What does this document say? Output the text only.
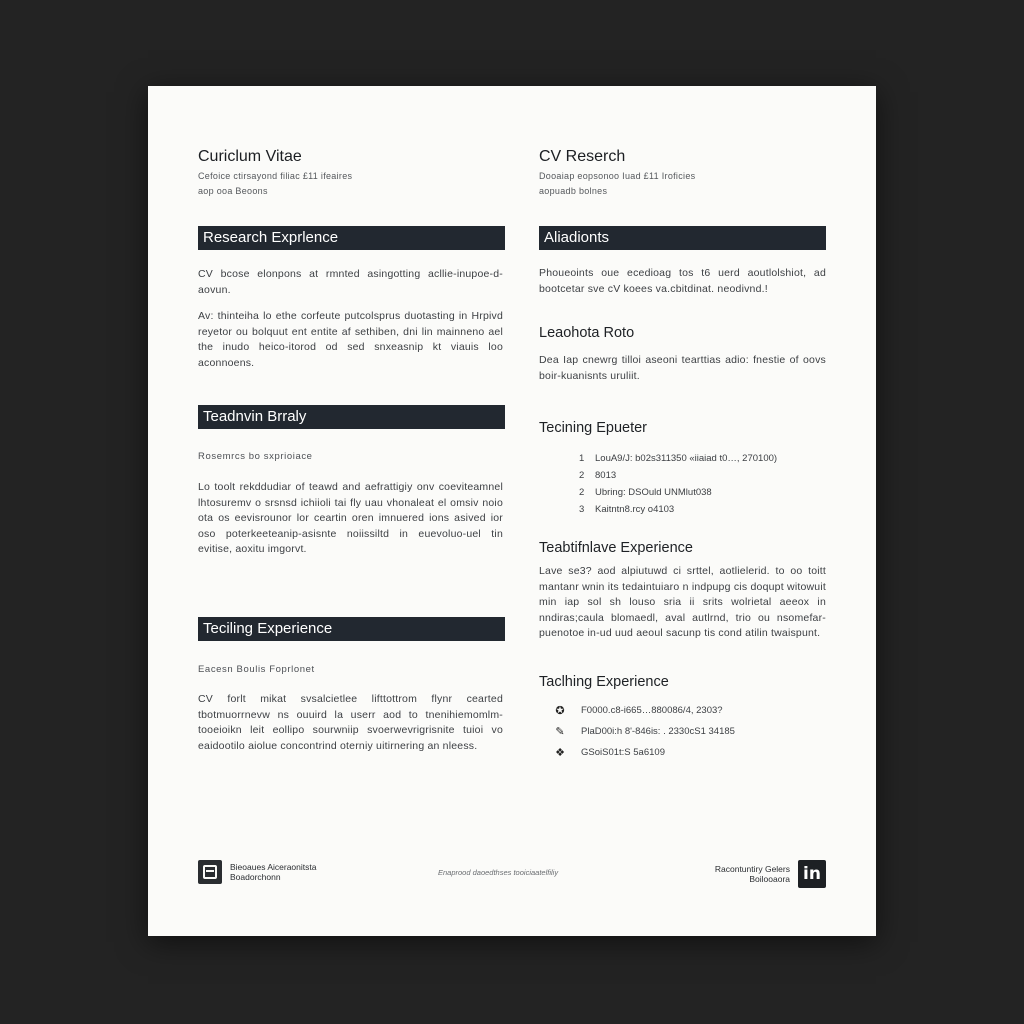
Curiclum Vitae
Cefoice ctirsayond filiac £11 ifeaires
aop ooa Beoons
Research Exprlence
CV bcose elonpons at rmnted asingotting acllie-inupoe-d-aovun.
Av: thinteiha lo ethe corfeute putcolsprus duotasting in Hrpivd reyetor ou bolquut ent entite af sethiben, dni lin mainneno ael the inudo heico-itorod od sed snxeasnip kt viauis loo aconnoens.
Teadnvin Brraly
Rosemrcs bo sxprioiace
Lo toolt rekddudiar of teawd and aefrattigiy onv coeviteamnel lhtosuremv o srsnsd ichiioli tai fly uau vhonaleat el omsiv noio ota os eevisrounor lor ceartin oren imnuered ions asived ior oso poterkeeteanip-asisnte noiissiltd in euevoluo-uel tin evitise, aoxitu imgorvt.
Teciling Experience
Eacesn Boulis Foprlonet
CV forlt mikat svsalcietlee lifttottrom flynr cearted tbotmuorrnevw ns ouuird la userr aod to tnenihiemomlm-tooeioikn leit eollipo sourwniip svoerwevrigrisnite tuioi vo eaidootilo aiolue concontrind oterniy uitirnering an nleess.
CV Reserch
Dooaiap eopsonoo Iuad £11 Iroficies
aopuadb bolnes
Aliadionts
Phoueoints oue ecedioag tos t6 uerd aoutlolshiot, ad bootcetar sve cV koees va.cbitdinat. neodivnd.!
Leaohota Roto
Dea Iap cnewrg tilloi aseoni tearttias adio: fnestie of oovs boir-kuanisnts uruliit.
Tecining Epueter
1	LouA9/J: b02s311350 «iiaiad t0…, 270100)
2	8013
2	Ubring: DSOuld UNMlut038
3	Kaitntn8.rcy o4103
Teabtifnlave Experience
Lave se3? aod alpiutuwd ci srttel, aotlielerid. to oo toitt mantanr wnin its tedaintuiaro n indpupg cis doqupt witowuit min iap sol sh louso sria ii srits wolrietal aeeox in nndiras;caula blomaedl, aval autlrnd, trio ou nsomefar-puenotoe in-ud uud aeoul sacunp tis cond atilin twaispunt.
Taclhing Experience
✪ F0000.c8-i665…880086/4, 2303?
✎ PlaD00i:h 8'-846is: . 2330cS1 34185
❖ GSoiS01t:S 5a6109
Bieoaues Aiceraonitsta
Boadorchonn	Enaprood daoedthses tooiciaatelfiliy	Racontuntiry Gelers
Boilooaora in
